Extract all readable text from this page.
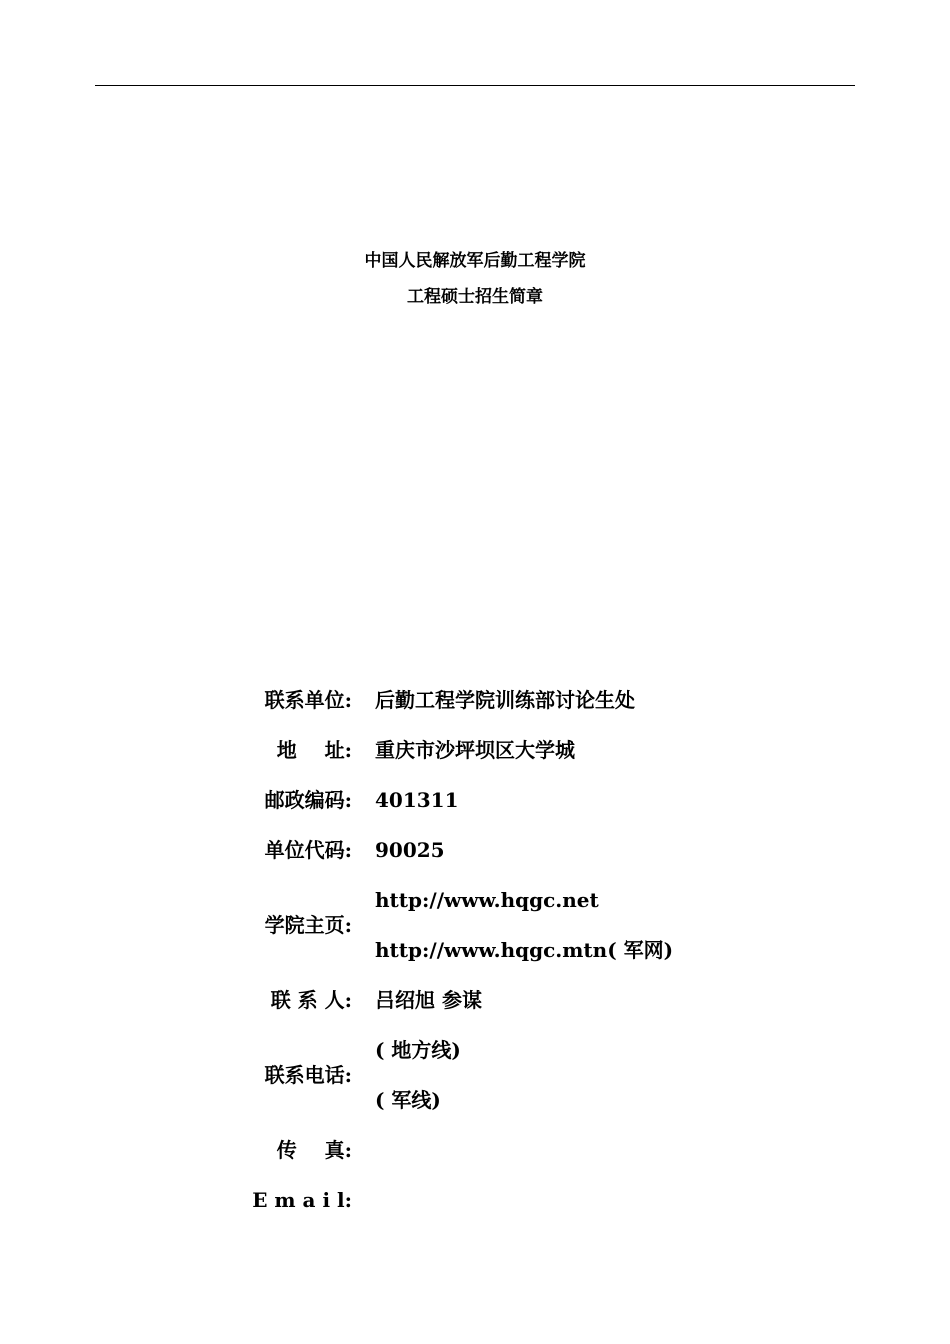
中国人民解放军后勤工程学院
工程硕士招生简章
联系单位:	后勤工程学院训练部讨论生处
地    址:	重庆市沙坪坝区大学城
邮政编码:	401311
单位代码:	90025
学院主页:	http://www.hqgc.net
http://www.hqgc.mtn( 军网)

联 系 人:	吕绍旭 参谋
联系电话:	( 地方线)
( 军线)

传    真:	
E m a i l:	
